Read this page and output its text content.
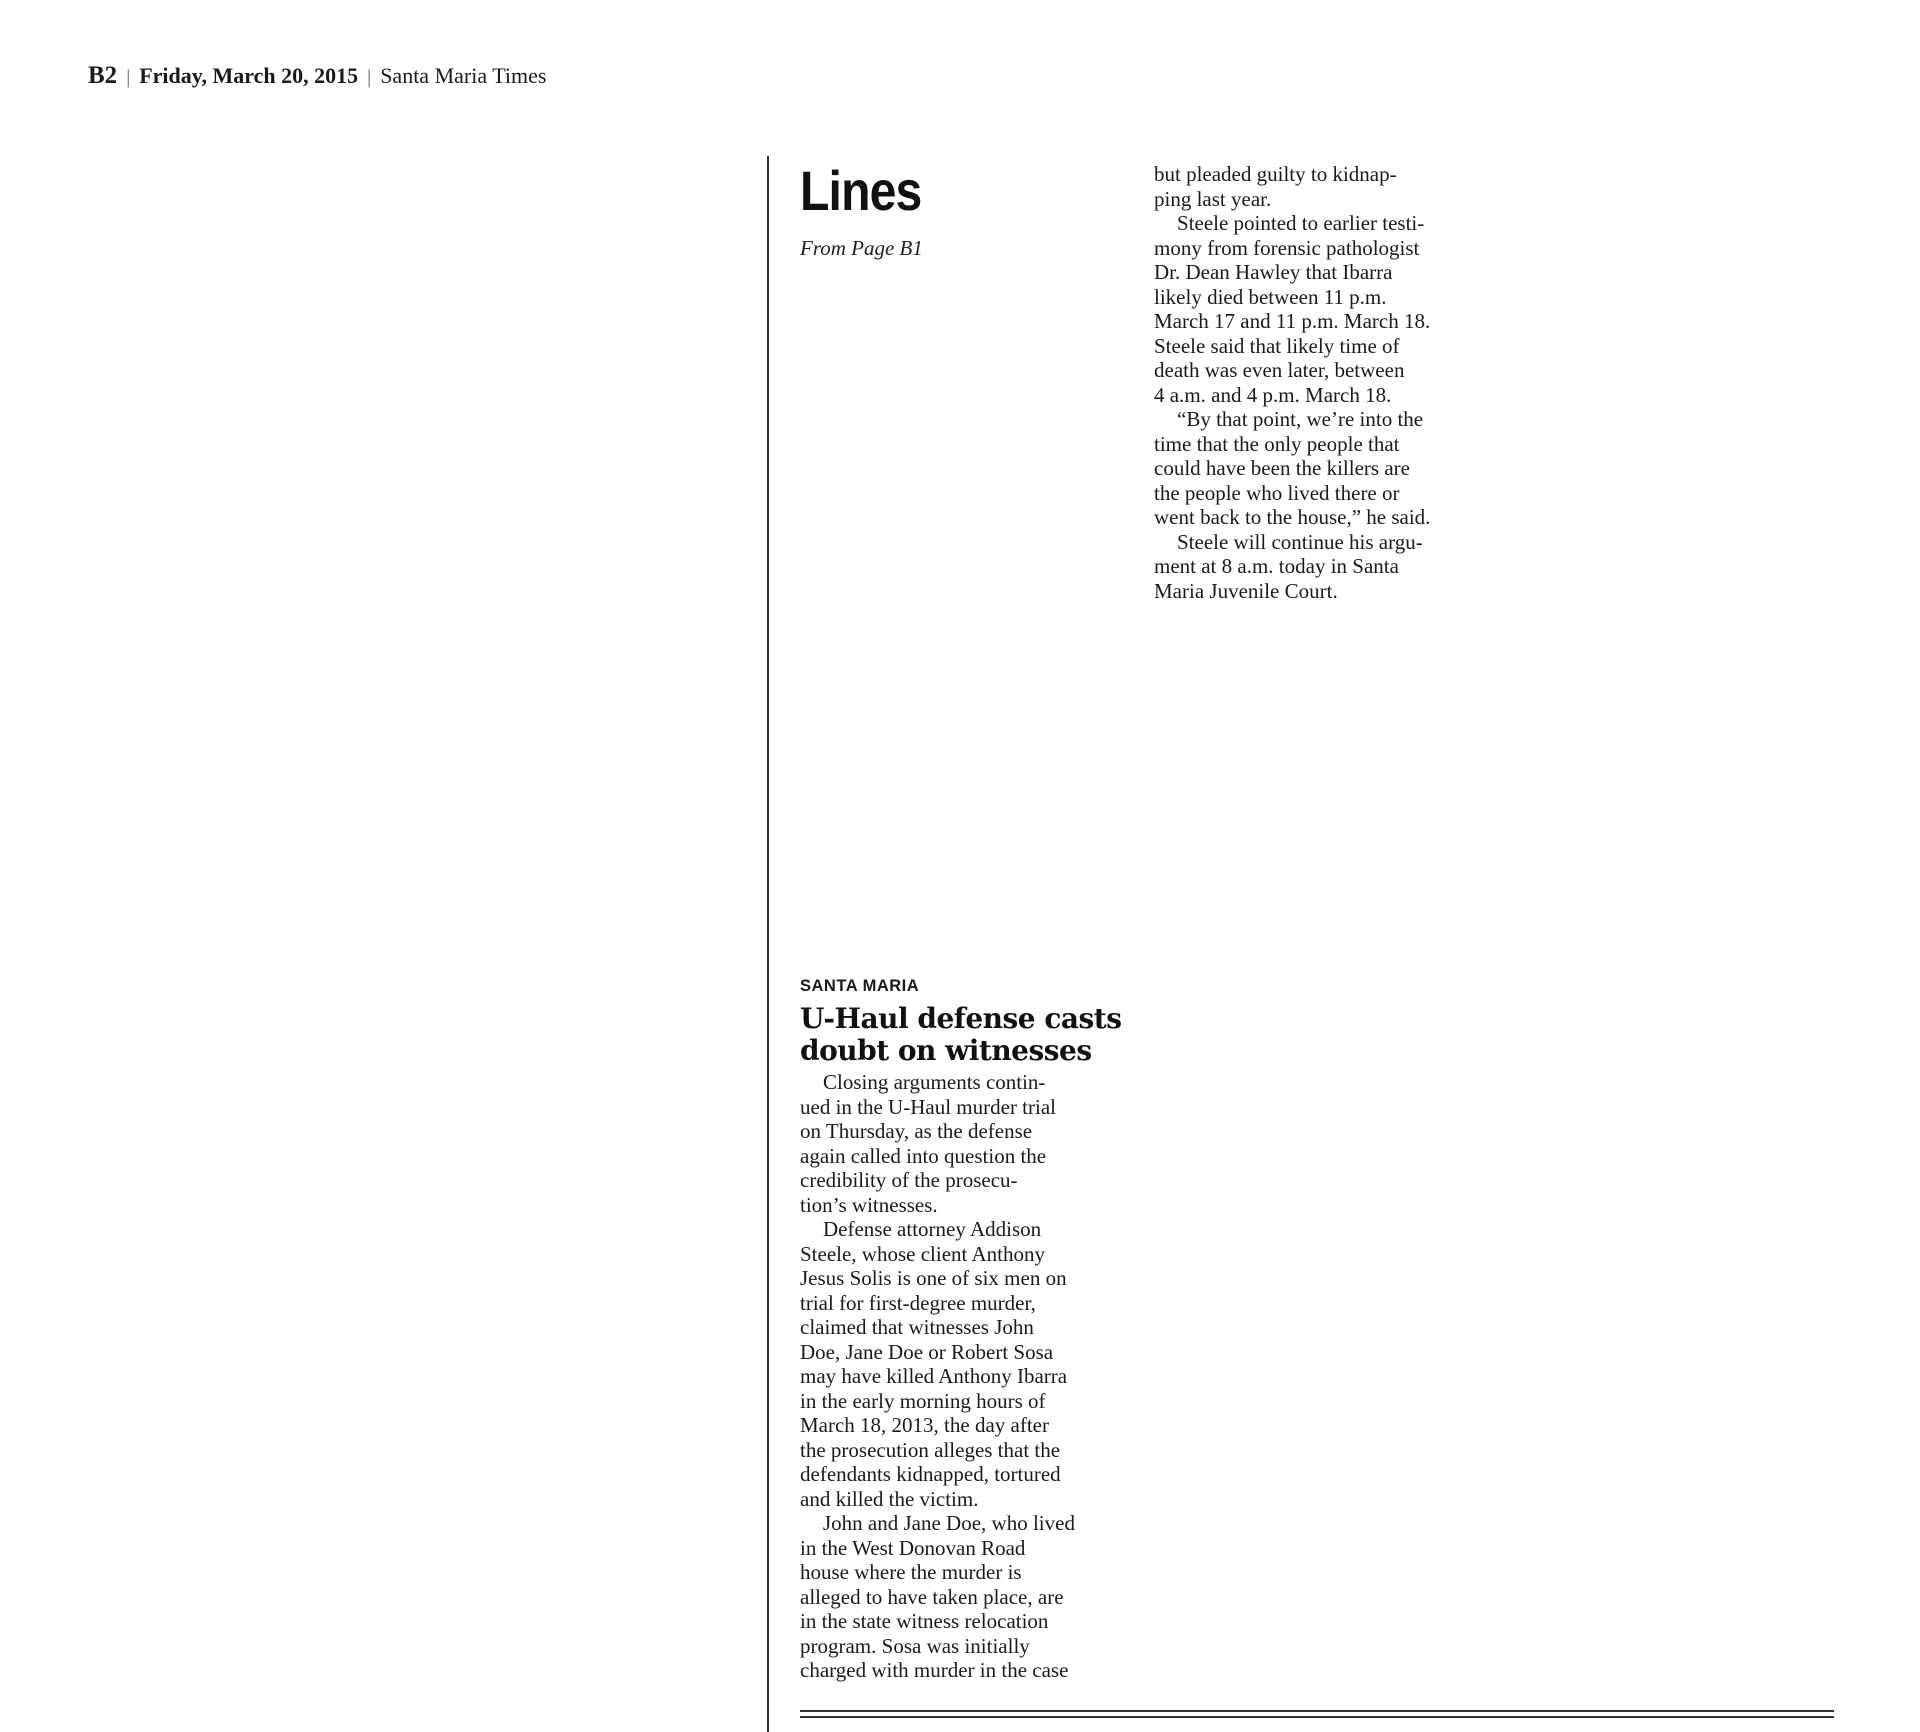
B2 | Friday, March 20, 2015 | Santa Maria Times
Lines
From Page B1

but pleaded guilty to kidnap-

ping last year.

Steele pointed to earlier testi-

mony from forensic pathologist

Dr. Dean Hawley that Ibarra

likely died between 11 p.m.

March 17 and 11 p.m. March 18.

Steele said that likely time of

death was even later, between

4 a.m. and 4 p.m. March 18.

“By that point, we’re into the

time that the only people that

could have been the killers are

the people who lived there or

went back to the house,” he said.

Steele will continue his argu-

ment at 8 a.m. today in Santa

Maria Juvenile Court.

SANTA MARIA
U-Haul defense casts
doubt on witnesses

Closing arguments contin-

ued in the U-Haul murder trial

on Thursday, as the defense

again called into question the

credibility of the prosecu-

tion’s witnesses.

Defense attorney Addison

Steele, whose client Anthony

Jesus Solis is one of six men on

trial for first-degree murder,

claimed that witnesses John

Doe, Jane Doe or Robert Sosa

may have killed Anthony Ibarra

in the early morning hours of

March 18, 2013, the day after

the prosecution alleges that the

defendants kidnapped, tortured

and killed the victim.

John and Jane Doe, who lived

in the West Donovan Road

house where the murder is

alleged to have taken place, are

in the state witness relocation

program. Sosa was initially

charged with murder in the case
